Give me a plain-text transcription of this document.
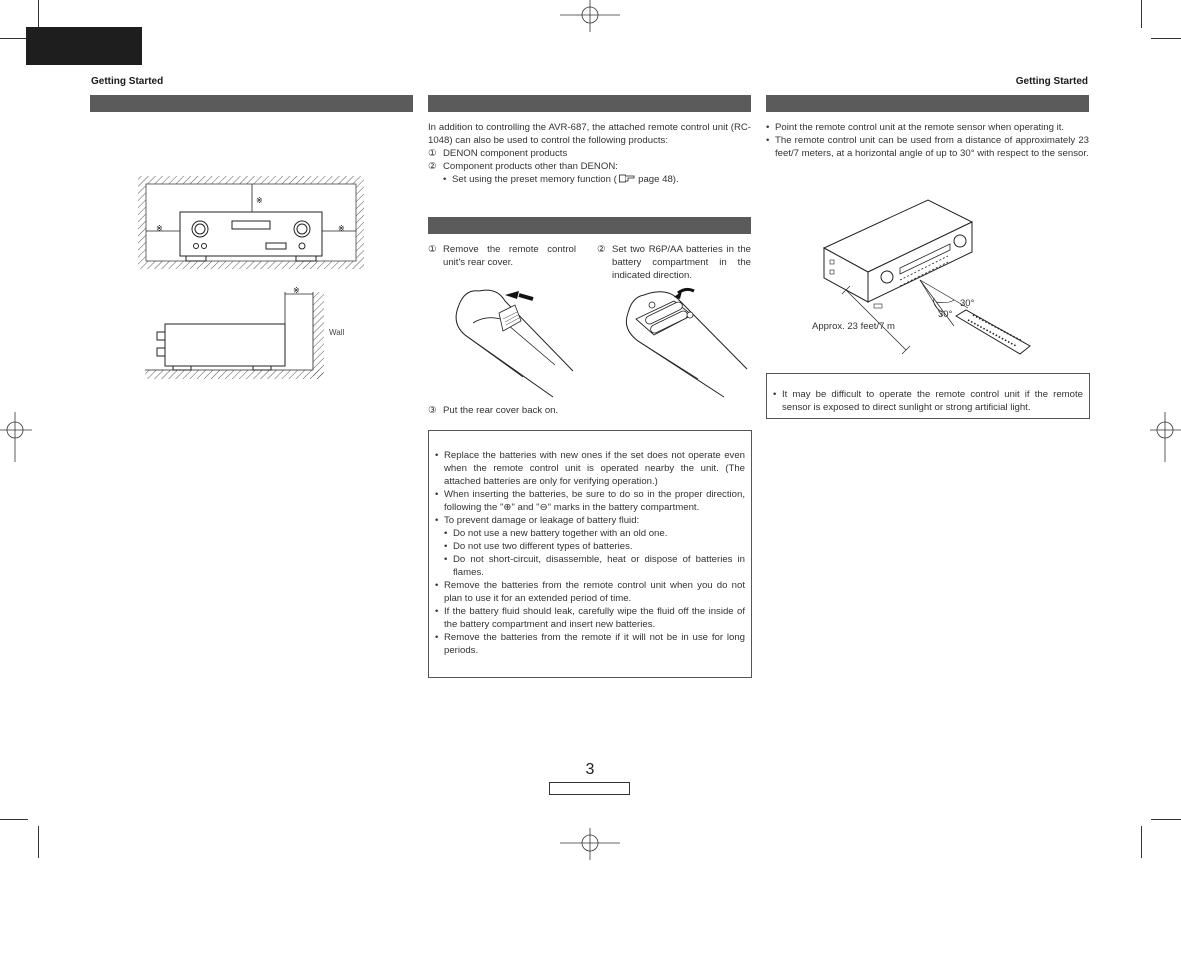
Getting Started	Getting Started
※
※	※
※
Wall

In addition to controlling the AVR-687, the attached remote control unit (RC-1048) can also be used to control the following products:

① DENON component products
② Component products other than DENON:
• Set using the preset memory function (  page 48).
① Remove the remote control unit's rear cover.
② Set two R6P/AA batteries in the battery compartment in the indicated direction.
③ Put the rear cover back on.
• Replace the batteries with new ones if the set does not operate even when the remote control unit is operated nearby the unit. (The attached batteries are only for verifying operation.)
• When inserting the batteries, be sure to do so in the proper direction, following the "⊕" and "⊖" marks in the battery compartment.
• To prevent damage or leakage of battery fluid:
• Do not use a new battery together with an old one.
• Do not use two different types of batteries.
• Do not short-circuit, disassemble, heat or dispose of batteries in flames.
• Remove the batteries from the remote control unit when you do not plan to use it for an extended period of time.
• If the battery fluid should leak, carefully wipe the fluid off the inside of the battery compartment and insert new batteries.
• Remove the batteries from the remote if it will not be in use for long periods.
• Point the remote control unit at the remote sensor when operating it.
• The remote control unit can be used from a distance of approximately 23 feet/7 meters, at a horizontal angle of up to 30° with respect to the sensor.
Approx. 23 feet/7 m
30°
30°
• It may be difficult to operate the remote control unit if the remote sensor is exposed to direct sunlight or strong artificial light.
3
